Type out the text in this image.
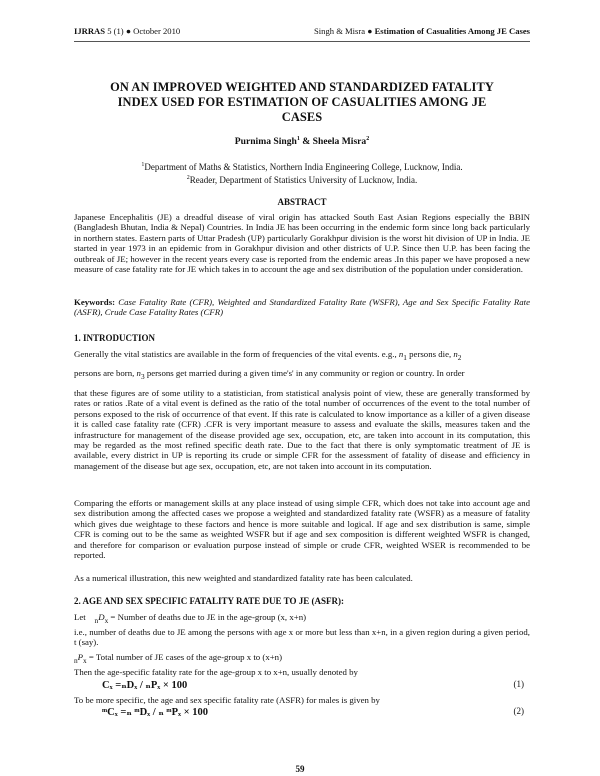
IJRRAS 5 (1) ● October 2010	Singh & Misra ● Estimation of Casualities Among JE Cases
ON AN IMPROVED WEIGHTED AND STANDARDIZED FATALITY
INDEX USED FOR ESTIMATION OF CASUALITIES AMONG JE
CASES
Purnima Singh$^1$ & Sheela Misra$^2$
$^1$Department of Maths & Statistics, Northern India Engineering College, Lucknow, India.
$^2$Reader, Department of Statistics University of Lucknow, India.
ABSTRACT
Japanese Encephalitis (JE) a dreadful disease of viral origin has attacked South East Asian Regions especially the BBIN (Bangladesh Bhutan, India & Nepal) Countries. In India JE has been occurring in the endemic form since long back particularly in northern states. Eastern parts of Uttar Pradesh (UP) particularly Gorakhpur division is the worst hit division of UP in India. JE started in year 1973 in an epidemic from in Gorakhpur division and other districts of U.P. Since then U.P. has been facing the outbreak of JE; however in the recent years every case is reported from the endemic areas .In this paper we have proposed a new measure of case fatality rate for JE which takes in to account the age and sex distribution of the population under consideration.
Keywords: Case Fatality Rate (CFR), Weighted and Standardized Fatality Rate (WSFR), Age and Sex Specific Fatality Rate (ASFR), Crude Case Fatality Rates (CFR)
1. INTRODUCTION
Generally the vital statistics are available in the form of frequencies of the vital events. e.g., $n_1$ persons die, $n_2$
persons are born, $n_3$ persons get married during a given time's' in any community or region or country. In order
that these figures are of some utility to a statistician, from statistical analysis point of view, these are generally transformed by rates or ratios .Rate of a vital event is defined as the ratio of the total number of occurrences of the event to the total number of persons exposed to the risk of occurrence of that event. If this rate is calculated to know importance as a killer of a given disease it is called case fatality rate (CFR) .CFR is very important measure to assess and evaluate the skills, measures taken and the infrastructure for management of the disease provided age sex, occupation, etc, are taken into account in its computation, this may be regarded as the most refined specific death rate. Due to the fact that there is only symptomatic treatment of JE is available, every district in UP is reporting its crude or simple CFR for the assessment of fatality of disease and efficiency in management of the disease but age sex, occupation, etc, are not taken into account in its computation.
Comparing the efforts or management skills at any place instead of using simple CFR, which does not take into account age and sex distribution among the affected cases we propose a weighted and standardized fatality rate (WSFR) as a measure of fatality which gives due weightage to these factors and hence is more suitable and logical. If age and sex distribution is same, simple CFR is coming out to be the same as weighted WSFR but if age and sex composition is different weighted WSFR is changed, and therefore for comparison or evaluation purpose instead of simple or crude CFR, weighted WSER is recommended to be reported.
As a numerical illustration, this new weighted and standardized fatality rate has been calculated.
2. AGE AND SEX SPECIFIC FATALITY RATE DUE TO JE (ASFR):
Let $_nD_x$ = Number of deaths due to JE in the age-group (x, x+n)
i.e., number of deaths due to JE among the persons with age x or more but less than x+n, in a given region during a given period, t (say).
$_nP_x$ = Total number of JE cases of the age-group x to (x+n)
Then the age-specific fatality rate for the age-group x to x+n, usually denoted by
Cₓ =ₙDₓ / ₙPₓ × 100	(1)
To be more specific, the age and sex specific fatality rate (ASFR) for males is given by
ᵐCₓ =ₙ ᵐDₓ / ₙ ᵐPₓ × 100	(2)
59
